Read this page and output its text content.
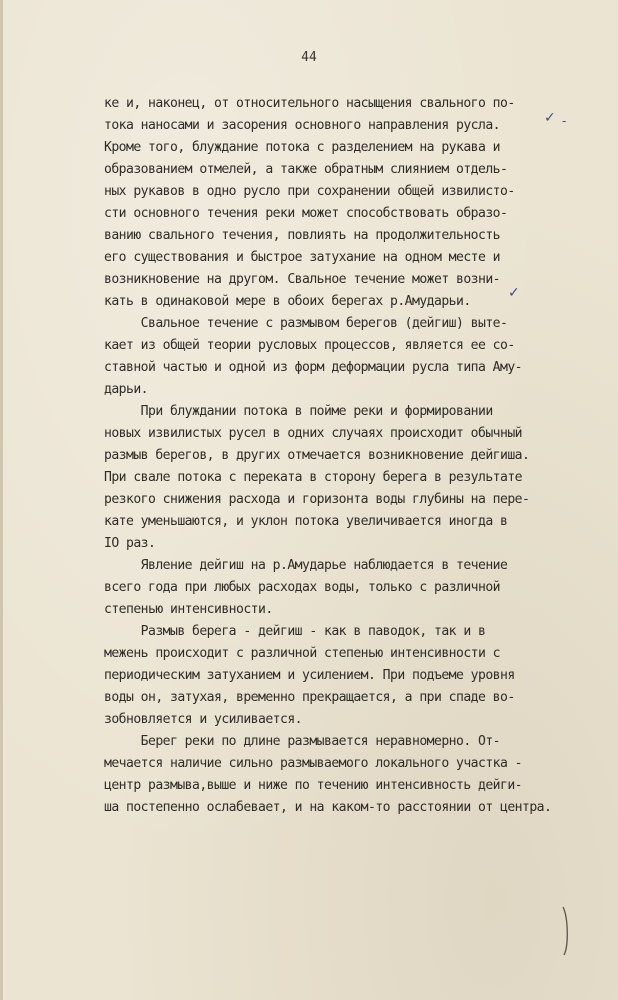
44
ке и, наконец, от относительного насыщения свального по-
тока наносами и засорения основного направления русла.
Кроме того, блуждание потока с разделением на рукава и
образованием отмелей, а также обратным слиянием отдель-
ных рукавов в одно русло при сохранении общей извилисто-
сти основного течения реки может способствовать образо-
ванию свального течения, повлиять на продолжительность
его существования и быстрое затухание на одном месте и
возникновение на другом. Свальное течение может возни-
кать в одинаковой мере в обоих берегах р.Амударьи.
Свальное течение с размывом берегов (дейгиш) выте-
кает из общей теории русловых процессов, является ее со-
ставной частью и одной из форм деформации русла типа Аму-
дарьи.
При блуждании потока в пойме реки и формировании
новых извилистых русел в одних случаях происходит обычный
размыв берегов, в других отмечается возникновение дейгиша.
При свале потока с переката в сторону берега в результате
резкого снижения расхода и горизонта воды глубины на пере-
кате уменьшаются, и уклон потока увеличивается иногда в
IO раз.
Явление дейгиш на р.Амударье наблюдается в течение
всего года при любых расходах воды, только с различной
степенью интенсивности.
Размыв берега - дейгиш - как в паводок, так и в
межень происходит с различной степенью интенсивности с
периодическим затуханием и усилением. При подъеме уровня
воды он, затухая, временно прекращается, а при спаде во-
зобновляется и усиливается.
Берег реки по длине размывается неравномерно. От-
мечается наличие сильно размываемого локального участка -
центр размыва,выше и ниже по течению интенсивность дейги-
ша постепенно ослабевает, и на каком-то расстоянии от центра.
✓ -
✓
